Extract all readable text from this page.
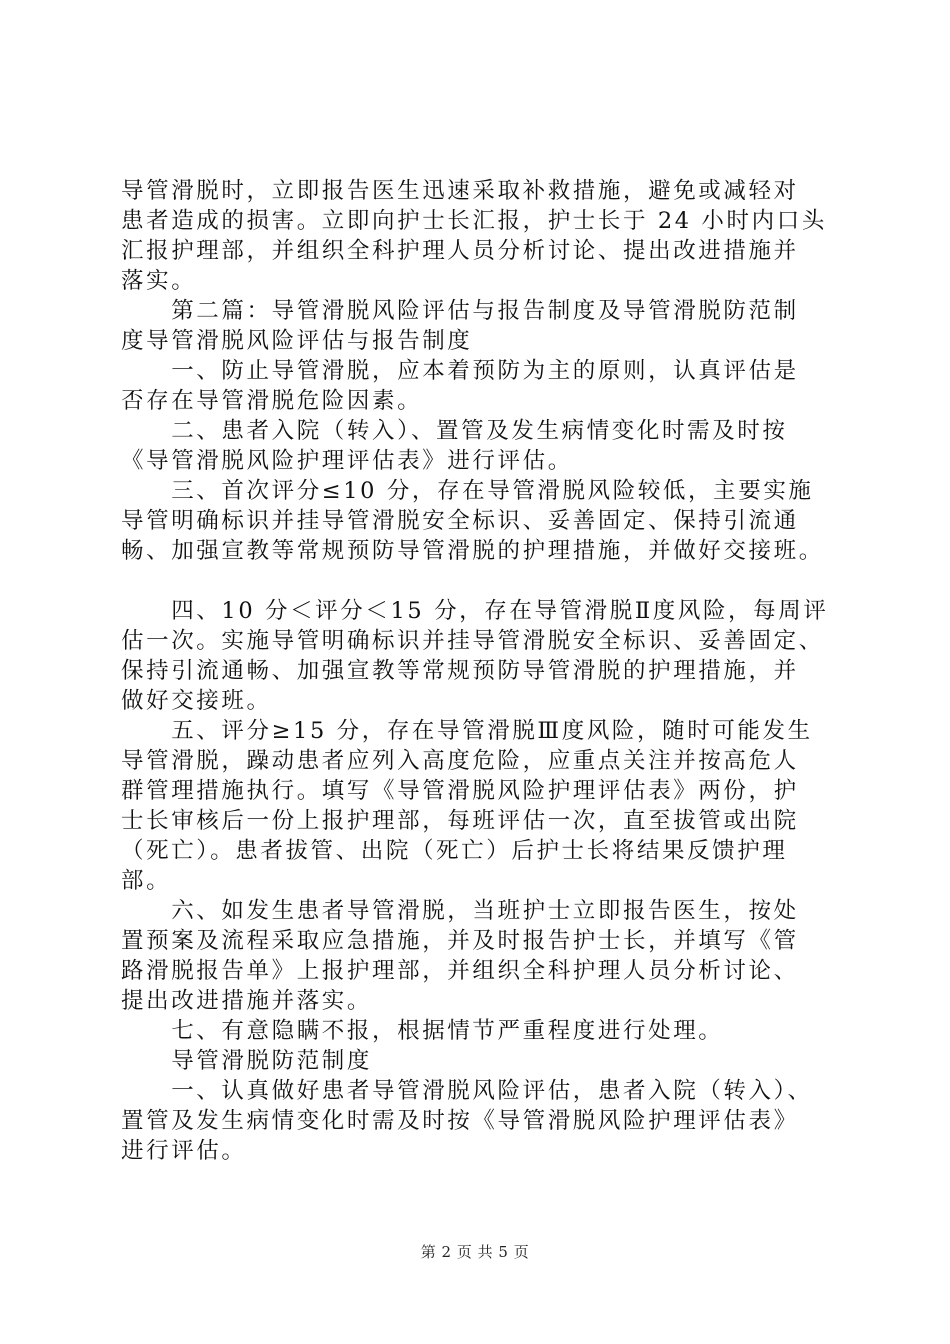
导管滑脱时，立即报告医生迅速采取补救措施，避免或减轻对
患者造成的损害。立即向护士长汇报，护士长于 24 小时内口头
汇报护理部，并组织全科护理人员分析讨论、提出改进措施并
落实。
　　第二篇：导管滑脱风险评估与报告制度及导管滑脱防范制
度导管滑脱风险评估与报告制度
　　一、防止导管滑脱，应本着预防为主的原则，认真评估是
否存在导管滑脱危险因素。
　　二、患者入院（转入）、置管及发生病情变化时需及时按
《导管滑脱风险护理评估表》进行评估。
　　三、首次评分≤10 分，存在导管滑脱风险较低，主要实施
导管明确标识并挂导管滑脱安全标识、妥善固定、保持引流通
畅、加强宣教等常规预防导管滑脱的护理措施，并做好交接班。
　　四、10 分＜评分＜15 分，存在导管滑脱Ⅱ度风险，每周评
估一次。实施导管明确标识并挂导管滑脱安全标识、妥善固定、
保持引流通畅、加强宣教等常规预防导管滑脱的护理措施，并
做好交接班。
　　五、评分≥15 分，存在导管滑脱Ⅲ度风险，随时可能发生
导管滑脱，躁动患者应列入高度危险，应重点关注并按高危人
群管理措施执行。填写《导管滑脱风险护理评估表》两份，护
士长审核后一份上报护理部，每班评估一次，直至拔管或出院
（死亡）。患者拔管、出院（死亡）后护士长将结果反馈护理
部。
　　六、如发生患者导管滑脱，当班护士立即报告医生，按处
置预案及流程采取应急措施，并及时报告护士长，并填写《管
路滑脱报告单》上报护理部，并组织全科护理人员分析讨论、
提出改进措施并落实。
　　七、有意隐瞒不报，根据情节严重程度进行处理。
　　导管滑脱防范制度
　　一、认真做好患者导管滑脱风险评估，患者入院（转入）、
置管及发生病情变化时需及时按《导管滑脱风险护理评估表》
进行评估。
第 2 页 共 5 页
